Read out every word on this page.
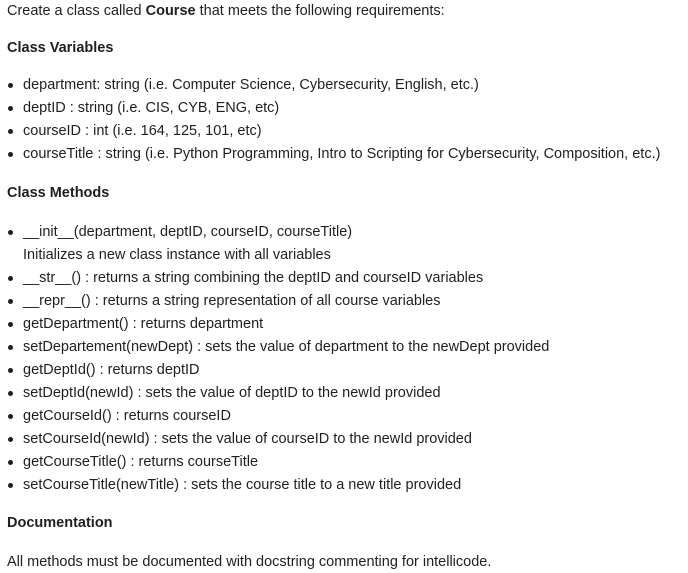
Create a class called Course that meets the following requirements:

Class Variables
department: string (i.e. Computer Science, Cybersecurity, English, etc.)
deptID : string (i.e. CIS, CYB, ENG, etc)
courseID : int (i.e. 164, 125, 101, etc)
courseTitle : string (i.e. Python Programming, Intro to Scripting for Cybersecurity, Composition, etc.)
Class Methods
__init__(department, deptID, courseID, courseTitle)
Initializes a new class instance with all variables
__str__() : returns a string combining the deptID and courseID variables
__repr__() : returns a string representation of all course variables
getDepartment() : returns department
setDepartement(newDept) : sets the value of department to the newDept provided
getDeptId() : returns deptID
setDeptId(newId) : sets the value of deptID to the newId provided
getCourseId() : returns courseID
setCourseId(newId) : sets the value of courseID to the newId provided
getCourseTitle() : returns courseTitle
setCourseTitle(newTitle) : sets the course title to a new title provided
Documentation

All methods must be documented with docstring commenting for intellicode.
